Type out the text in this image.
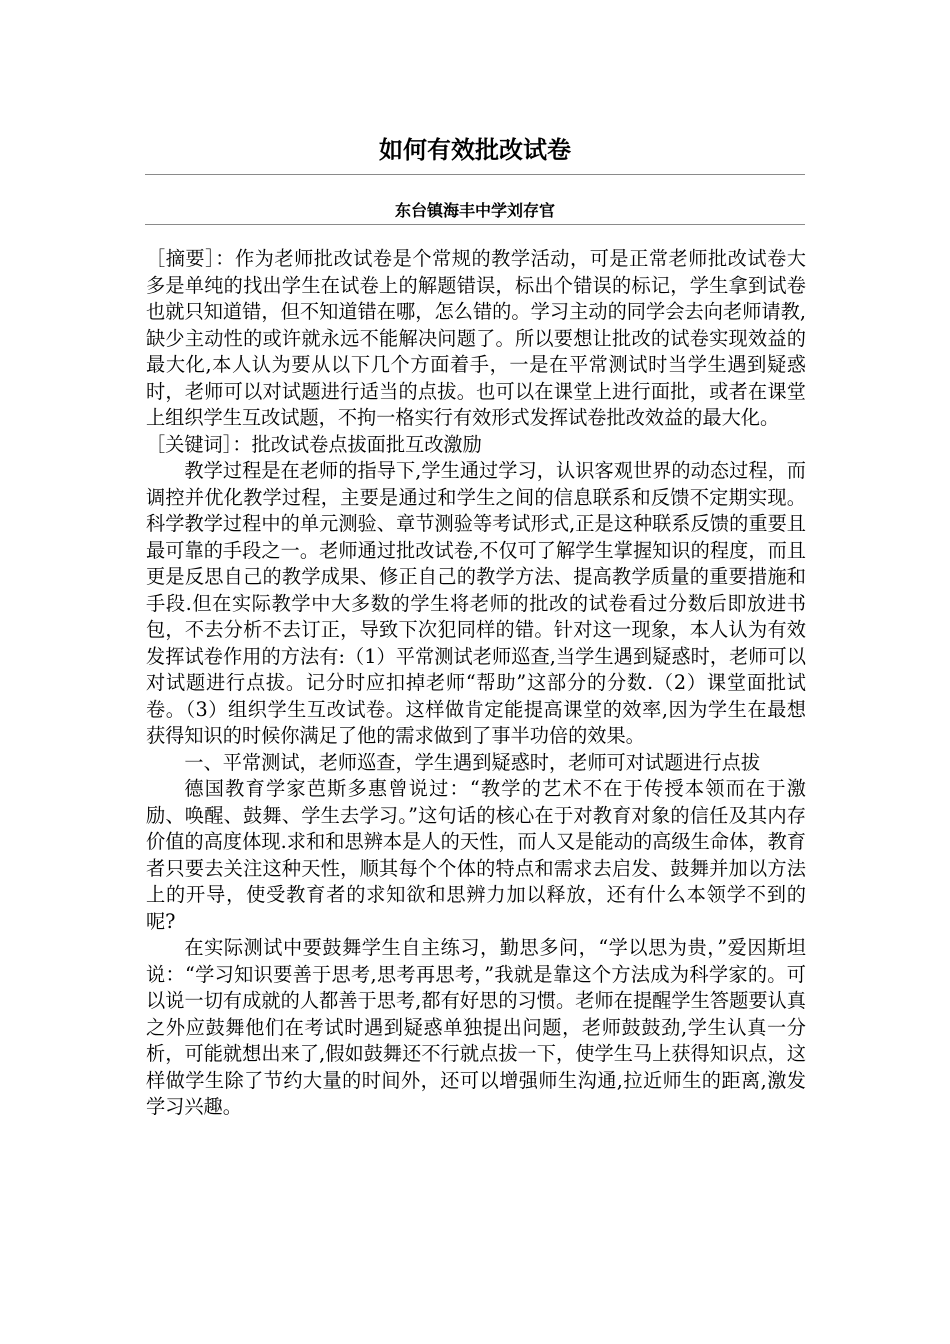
如何有效批改试卷
东台镇海丰中学刘存官

［摘要］：作为老师批改试卷是个常规的教学活动，可是正常老师批改试卷大多是单纯的找出学生在试卷上的解题错误，标出个错误的标记，学生拿到试卷也就只知道错，但不知道错在哪，怎么错的。学习主动的同学会去向老师请教,缺少主动性的或许就永远不能解决问题了。所以要想让批改的试卷实现效益的最大化,本人认为要从以下几个方面着手，一是在平常测试时当学生遇到疑惑时，老师可以对试题进行适当的点拔。也可以在课堂上进行面批，或者在课堂上组织学生互改试题，不拘一格实行有效形式发挥试卷批改效益的最大化。

［关键词］：批改试卷点拔面批互改激励

教学过程是在老师的指导下,学生通过学习，认识客观世界的动态过程，而调控并优化教学过程，主要是通过和学生之间的信息联系和反馈不定期实现。科学教学过程中的单元测验、章节测验等考试形式,正是这种联系反馈的重要且最可靠的手段之一。老师通过批改试卷,不仅可了解学生掌握知识的程度，而且更是反思自己的教学成果、修正自己的教学方法、提高教学质量的重要措施和手段.但在实际教学中大多数的学生将老师的批改的试卷看过分数后即放进书包，不去分析不去订正，导致下次犯同样的错。针对这一现象，本人认为有效发挥试卷作用的方法有:（1）平常测试老师巡查,当学生遇到疑惑时，老师可以对试题进行点拔。记分时应扣掉老师“帮助”这部分的分数.（2）课堂面批试卷。（3）组织学生互改试卷。这样做肯定能提高课堂的效率,因为学生在最想获得知识的时候你满足了他的需求做到了事半功倍的效果。

一、平常测试，老师巡查，学生遇到疑惑时，老师可对试题进行点拔

德国教育学家芭斯多惠曾说过：“教学的艺术不在于传授本领而在于激励、唤醒、鼓舞、学生去学习。”这句话的核心在于对教育对象的信任及其内存价值的高度体现.求和和思辨本是人的天性，而人又是能动的高级生命体，教育者只要去关注这种天性，顺其每个个体的特点和需求去启发、鼓舞并加以方法上的开导，使受教育者的求知欲和思辨力加以释放，还有什么本领学不到的呢?

在实际测试中要鼓舞学生自主练习，勤思多问，“学以思为贵，”爱因斯坦说：“学习知识要善于思考,思考再思考，”我就是靠这个方法成为科学家的。可以说一切有成就的人都善于思考,都有好思的习惯。老师在提醒学生答题要认真之外应鼓舞他们在考试时遇到疑惑单独提出问题，老师鼓鼓劲,学生认真一分析，可能就想出来了,假如鼓舞还不行就点拔一下，使学生马上获得知识点，这样做学生除了节约大量的时间外，还可以增强师生沟通,拉近师生的距离,激发学习兴趣。
